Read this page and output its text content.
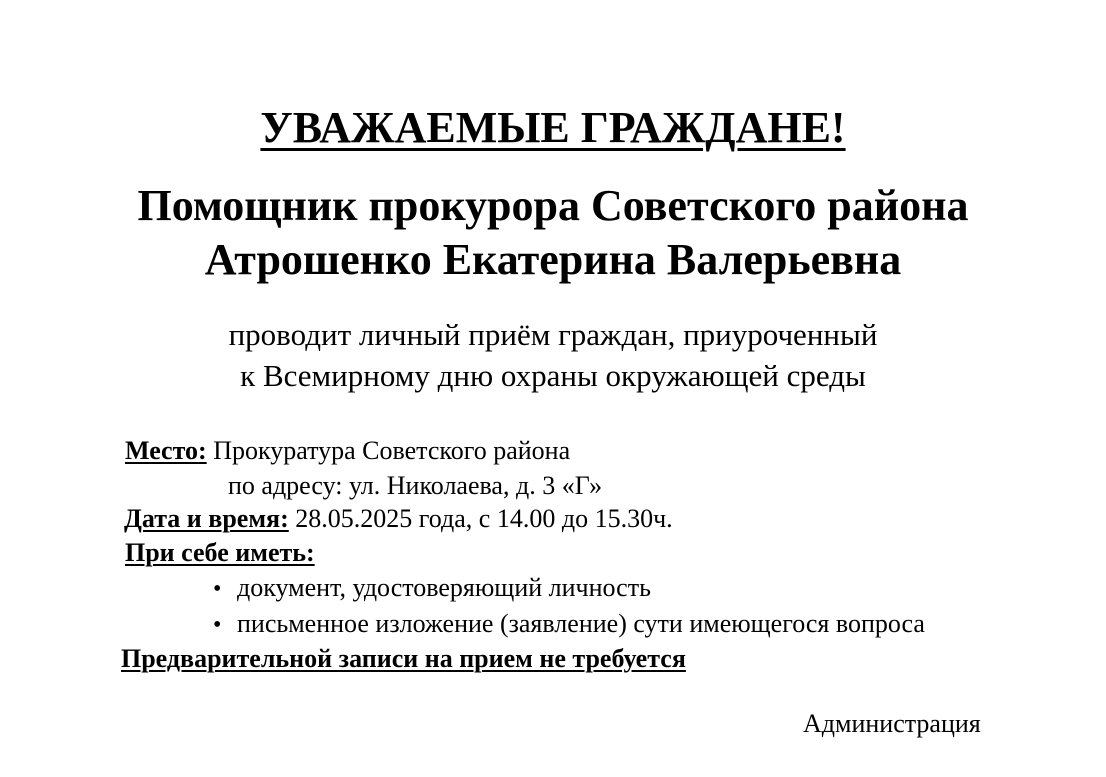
УВАЖАЕМЫЕ ГРАЖДАНЕ!
Помощник прокурора Советского района
Атрошенко Екатерина Валерьевна
проводит личный приём граждан, приуроченный
к Всемирному дню охраны окружающей среды
Место: Прокуратура Советского района
по адресу: ул. Николаева, д. 3 «Г»
Дата и время: 28.05.2025 года, с 14.00 до 15.30ч.
При себе иметь:
• документ, удостоверяющий личность
• письменное изложение (заявление) сути имеющегося вопроса
Предварительной записи на прием не требуется
Администрация
